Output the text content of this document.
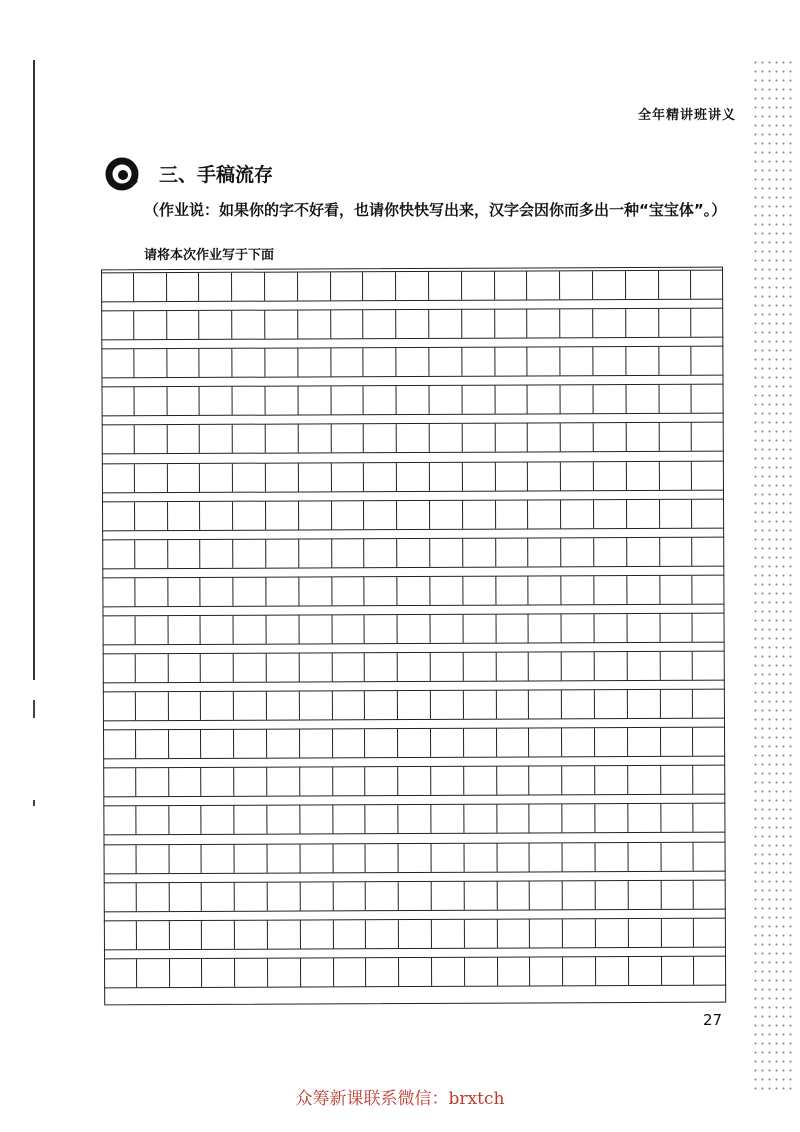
全年精讲班讲义
三、手稿流存
（作业说：如果你的字不好看，也请你快快写出来，汉字会因你而多出一种“宝宝体”。）
请将本次作业写于下面
27
众筹新课联系微信：brxtch
